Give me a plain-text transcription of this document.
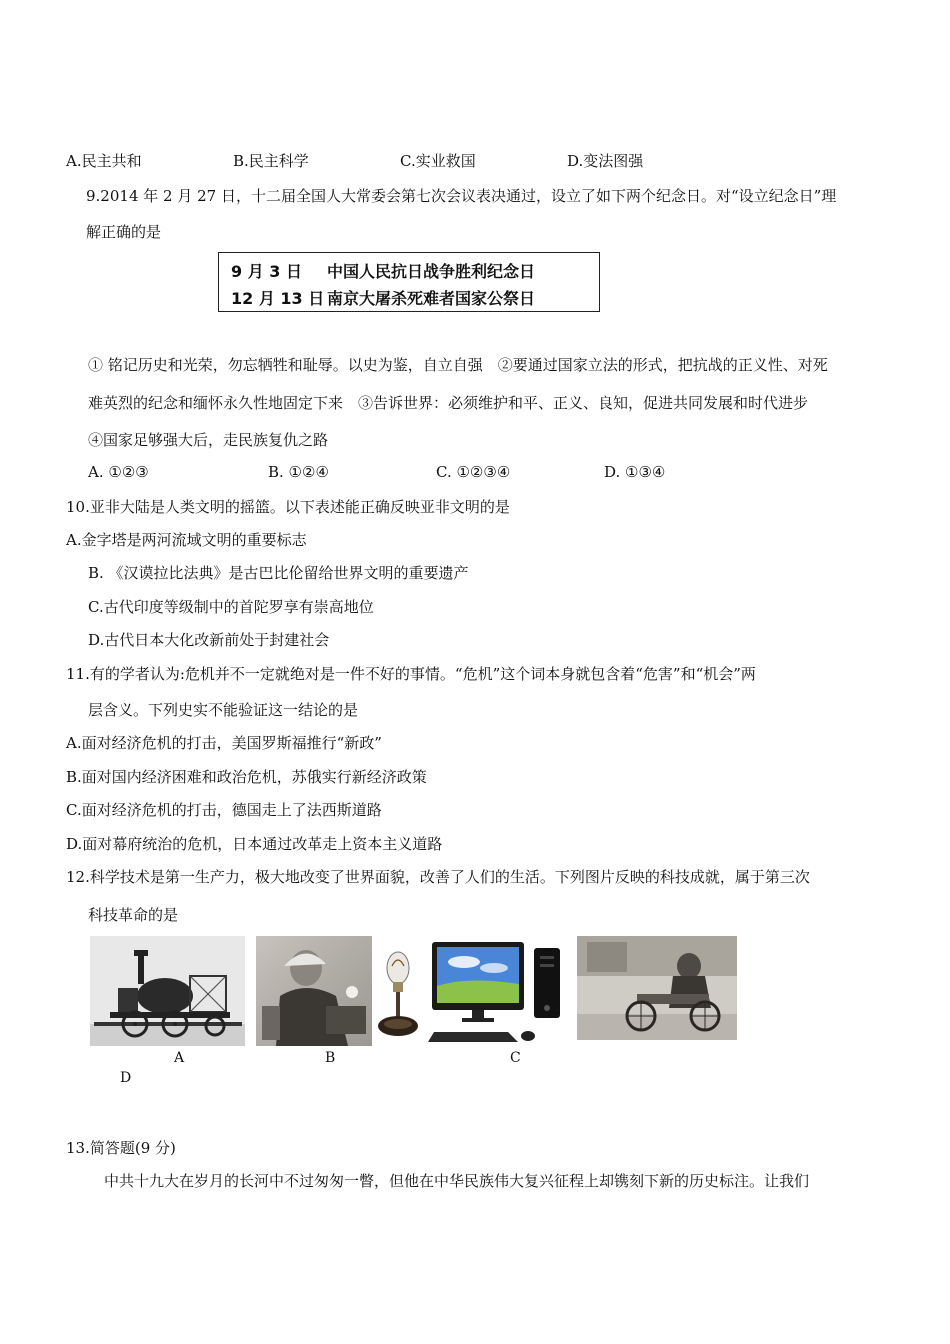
A.民主共和	B.民主科学	C.实业救国	D.变法图强
9.2014 年 2 月 27 日，十二届全国人大常委会第七次会议表决通过，设立了如下两个纪念日。对“设立纪念日”理
解正确的是
9 月 3 日 中国人民抗日战争胜利纪念日
12 月 13 日 南京大屠杀死难者国家公祭日
① 铭记历史和光荣，勿忘牺牲和耻辱。以史为鉴，自立自强　②要通过国家立法的形式，把抗战的正义性、对死
难英烈的纪念和缅怀永久性地固定下来　③告诉世界：必须维护和平、正义、良知，促进共同发展和时代进步
④国家足够强大后，走民族复仇之路
A. ①②③	B. ①②④	C. ①②③④	D. ①③④
10.亚非大陆是人类文明的摇篮。以下表述能正确反映亚非文明的是
A.金字塔是两河流域文明的重要标志
B. 《汉谟拉比法典》是古巴比伦留给世界文明的重要遗产
C.古代印度等级制中的首陀罗享有崇高地位
D.古代日本大化改新前处于封建社会
11.有的学者认为:危机并不一定就绝对是一件不好的事情。“危机”这个词本身就包含着“危害”和“机会”两
层含义。下列史实不能验证这一结论的是
A.面对经济危机的打击，美国罗斯福推行“新政”
B.面对国内经济困难和政治危机，苏俄实行新经济政策
C.面对经济危机的打击，德国走上了法西斯道路
D.面对幕府统治的危机，日本通过改革走上资本主义道路
12.科学技术是第一生产力，极大地改变了世界面貌，改善了人们的生活。下列图片反映的科技成就，属于第三次
科技革命的是
A	B	C
D
13.简答题(9 分)
中共十九大在岁月的长河中不过匆匆一瞥，但他在中华民族伟大复兴征程上却镌刻下新的历史标注。让我们
